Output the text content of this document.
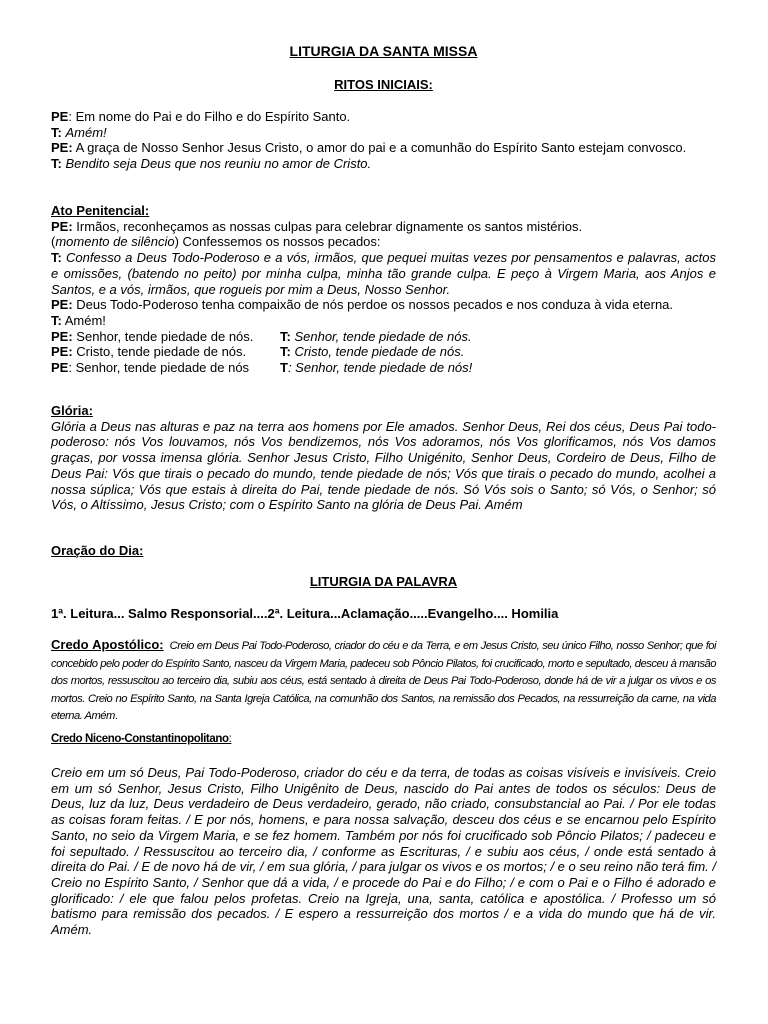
LITURGIA DA SANTA MISSA
RITOS INICIAIS:
PE: Em nome do Pai e do Filho e do Espírito Santo.
T: Amém!
PE: A graça de Nosso Senhor Jesus Cristo, o amor do pai e a comunhão do Espírito Santo estejam convosco.
T: Bendito seja Deus que nos reuniu no amor de Cristo.
Ato Penitencial:
PE: Irmãos, reconheçamos as nossas culpas para celebrar dignamente os santos mistérios.
(momento de silêncio) Confessemos os nossos pecados:
T: Confesso a Deus Todo-Poderoso e a vós, irmãos, que pequei muitas vezes por pensamentos e palavras, actos e omissões, (batendo no peito) por minha culpa, minha tão grande culpa. E peço à Virgem Maria, aos Anjos e Santos, e a vós, irmãos, que rogueis por mim a Deus, Nosso Senhor.
PE: Deus Todo-Poderoso tenha compaixão de nós perdoe os nossos pecados e nos conduza à vida eterna.
T: Amém!
PE: Senhor, tende piedade de nós. T: Senhor, tende piedade de nós.
PE: Cristo, tende piedade de nós.	T: Cristo, tende piedade de nós.
PE: Senhor, tende piedade de nós T: Senhor, tende piedade de nós!
Glória:
Glória a Deus nas alturas e paz na terra aos homens por Ele amados. Senhor Deus, Rei dos céus, Deus Pai todo-poderoso: nós Vos louvamos, nós Vos bendizemos, nós Vos adoramos, nós Vos glorificamos, nós Vos damos graças, por vossa imensa glória. Senhor Jesus Cristo, Filho Unigénito, Senhor Deus, Cordeiro de Deus, Filho de Deus Pai: Vós que tirais o pecado do mundo, tende piedade de nós; Vós que tirais o pecado do mundo, acolhei a nossa súplica; Vós que estais à direita do Pai, tende piedade de nós. Só Vós sois o Santo; só Vós, o Senhor; só Vós, o Altíssimo, Jesus Cristo; com o Espírito Santo na glória de Deus Pai. Amém
Oração do Dia:
LITURGIA DA PALAVRA
1ª. Leitura... Salmo Responsorial....2ª. Leitura...Aclamação.....Evangelho.... Homilia
Credo Apostólico: Creio em Deus Pai Todo-Poderoso, criador do céu e da Terra, e em Jesus Cristo, seu único Filho, nosso Senhor; que foi concebido pelo poder do Espírito Santo, nasceu da Virgem Maria, padeceu sob Pôncio Pilatos, foi crucificado, morto e sepultado, desceu à mansão dos mortos, ressuscitou ao terceiro dia, subiu aos céus, está sentado à direita de Deus Pai Todo-Poderoso, donde há de vir a julgar os vivos e os mortos. Creio no Espírito Santo, na Santa Igreja Católica, na comunhão dos Santos, na remissão dos Pecados, na ressurreição da carne, na vida eterna. Amém.
Credo Niceno-Constantinopolitano:
Creio em um só Deus, Pai Todo-Poderoso, criador do céu e da terra, de todas as coisas visíveis e invisíveis. Creio em um só Senhor, Jesus Cristo, Filho Unigênito de Deus, nascido do Pai antes de todos os séculos: Deus de Deus, luz da luz, Deus verdadeiro de Deus verdadeiro, gerado, não criado, consubstancial ao Pai. / Por ele todas as coisas foram feitas. / E por nós, homens, e para nossa salvação, desceu dos céus e se encarnou pelo Espírito Santo, no seio da Virgem Maria, e se fez homem. Também por nós foi crucificado sob Pôncio Pilatos; / padeceu e foi sepultado. / Ressuscitou ao terceiro dia, / conforme as Escrituras, / e subiu aos céus, / onde está sentado à direita do Pai. / E de novo há de vir, / em sua glória, / para julgar os vivos e os mortos; / e o seu reino não terá fim. / Creio no Espírito Santo, / Senhor que dá a vida, / e procede do Pai e do Filho; / e com o Pai e o Filho é adorado e glorificado: / ele que falou pelos profetas. Creio na Igreja, una, santa, católica e apostólica. / Professo um só batismo para remissão dos pecados. / E espero a ressurreição dos mortos / e a vida do mundo que há de vir. Amém.
